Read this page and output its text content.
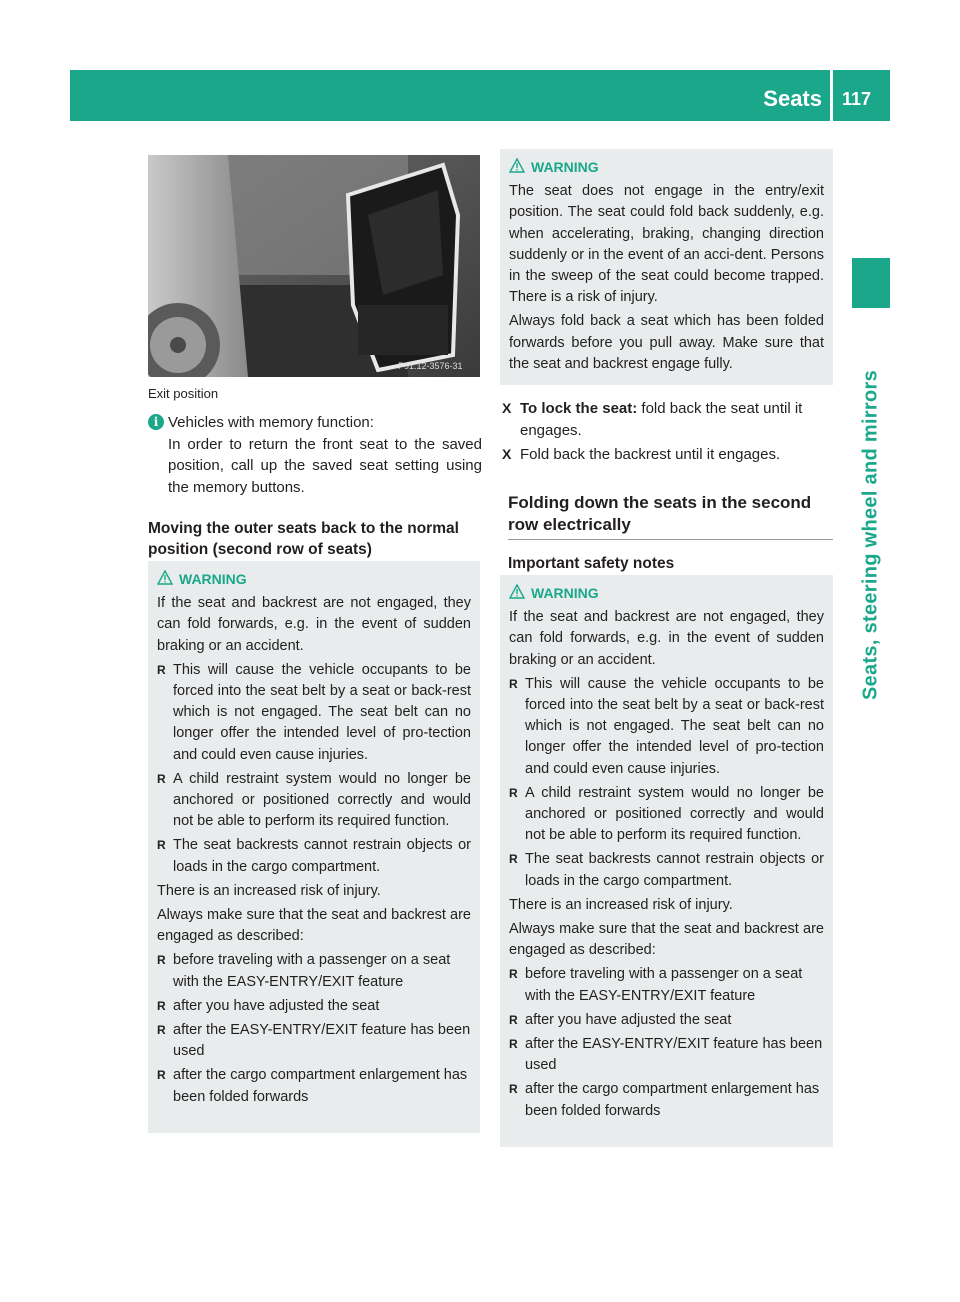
Seats 117
Seats, steering wheel and mirrors
P91.12-3576-31
Exit position
i Vehicles with memory function:

In order to return the front seat to the saved position, call up the saved seat setting using the memory buttons.

Moving the outer seats back to the normal position (second row of seats)
WARNING

If the seat and backrest are not engaged, they can fold forwards, e.g. in the event of sudden braking or an accident.

R This will cause the vehicle occupants to be forced into the seat belt by a seat or back-rest which is not engaged. The seat belt can no longer offer the intended level of pro-tection and could even cause injuries.
R A child restraint system would no longer be anchored or positioned correctly and would not be able to perform its required function.
R The seat backrests cannot restrain objects or loads in the cargo compartment.

There is an increased risk of injury.

Always make sure that the seat and backrest are engaged as described:

R before traveling with a passenger on a seat with the EASY-ENTRY/EXIT feature
R after you have adjusted the seat
R after the EASY-ENTRY/EXIT feature has been used
R after the cargo compartment enlargement has been folded forwards
WARNING

The seat does not engage in the entry/exit position. The seat could fold back suddenly, e.g. when accelerating, braking, changing direction suddenly or in the event of an acci-dent. Persons in the sweep of the seat could become trapped. There is a risk of injury.

Always fold back a seat which has been folded forwards before you pull away. Make sure that the seat and backrest engage fully.

X To lock the seat: fold back the seat until it engages.
X Fold back the backrest until it engages.
Folding down the seats in the second row electrically
Important safety notes
WARNING

If the seat and backrest are not engaged, they can fold forwards, e.g. in the event of sudden braking or an accident.

R This will cause the vehicle occupants to be forced into the seat belt by a seat or back-rest which is not engaged. The seat belt can no longer offer the intended level of pro-tection and could even cause injuries.
R A child restraint system would no longer be anchored or positioned correctly and would not be able to perform its required function.
R The seat backrests cannot restrain objects or loads in the cargo compartment.

There is an increased risk of injury.

Always make sure that the seat and backrest are engaged as described:

R before traveling with a passenger on a seat with the EASY-ENTRY/EXIT feature
R after you have adjusted the seat
R after the EASY-ENTRY/EXIT feature has been used
R after the cargo compartment enlargement has been folded forwards
